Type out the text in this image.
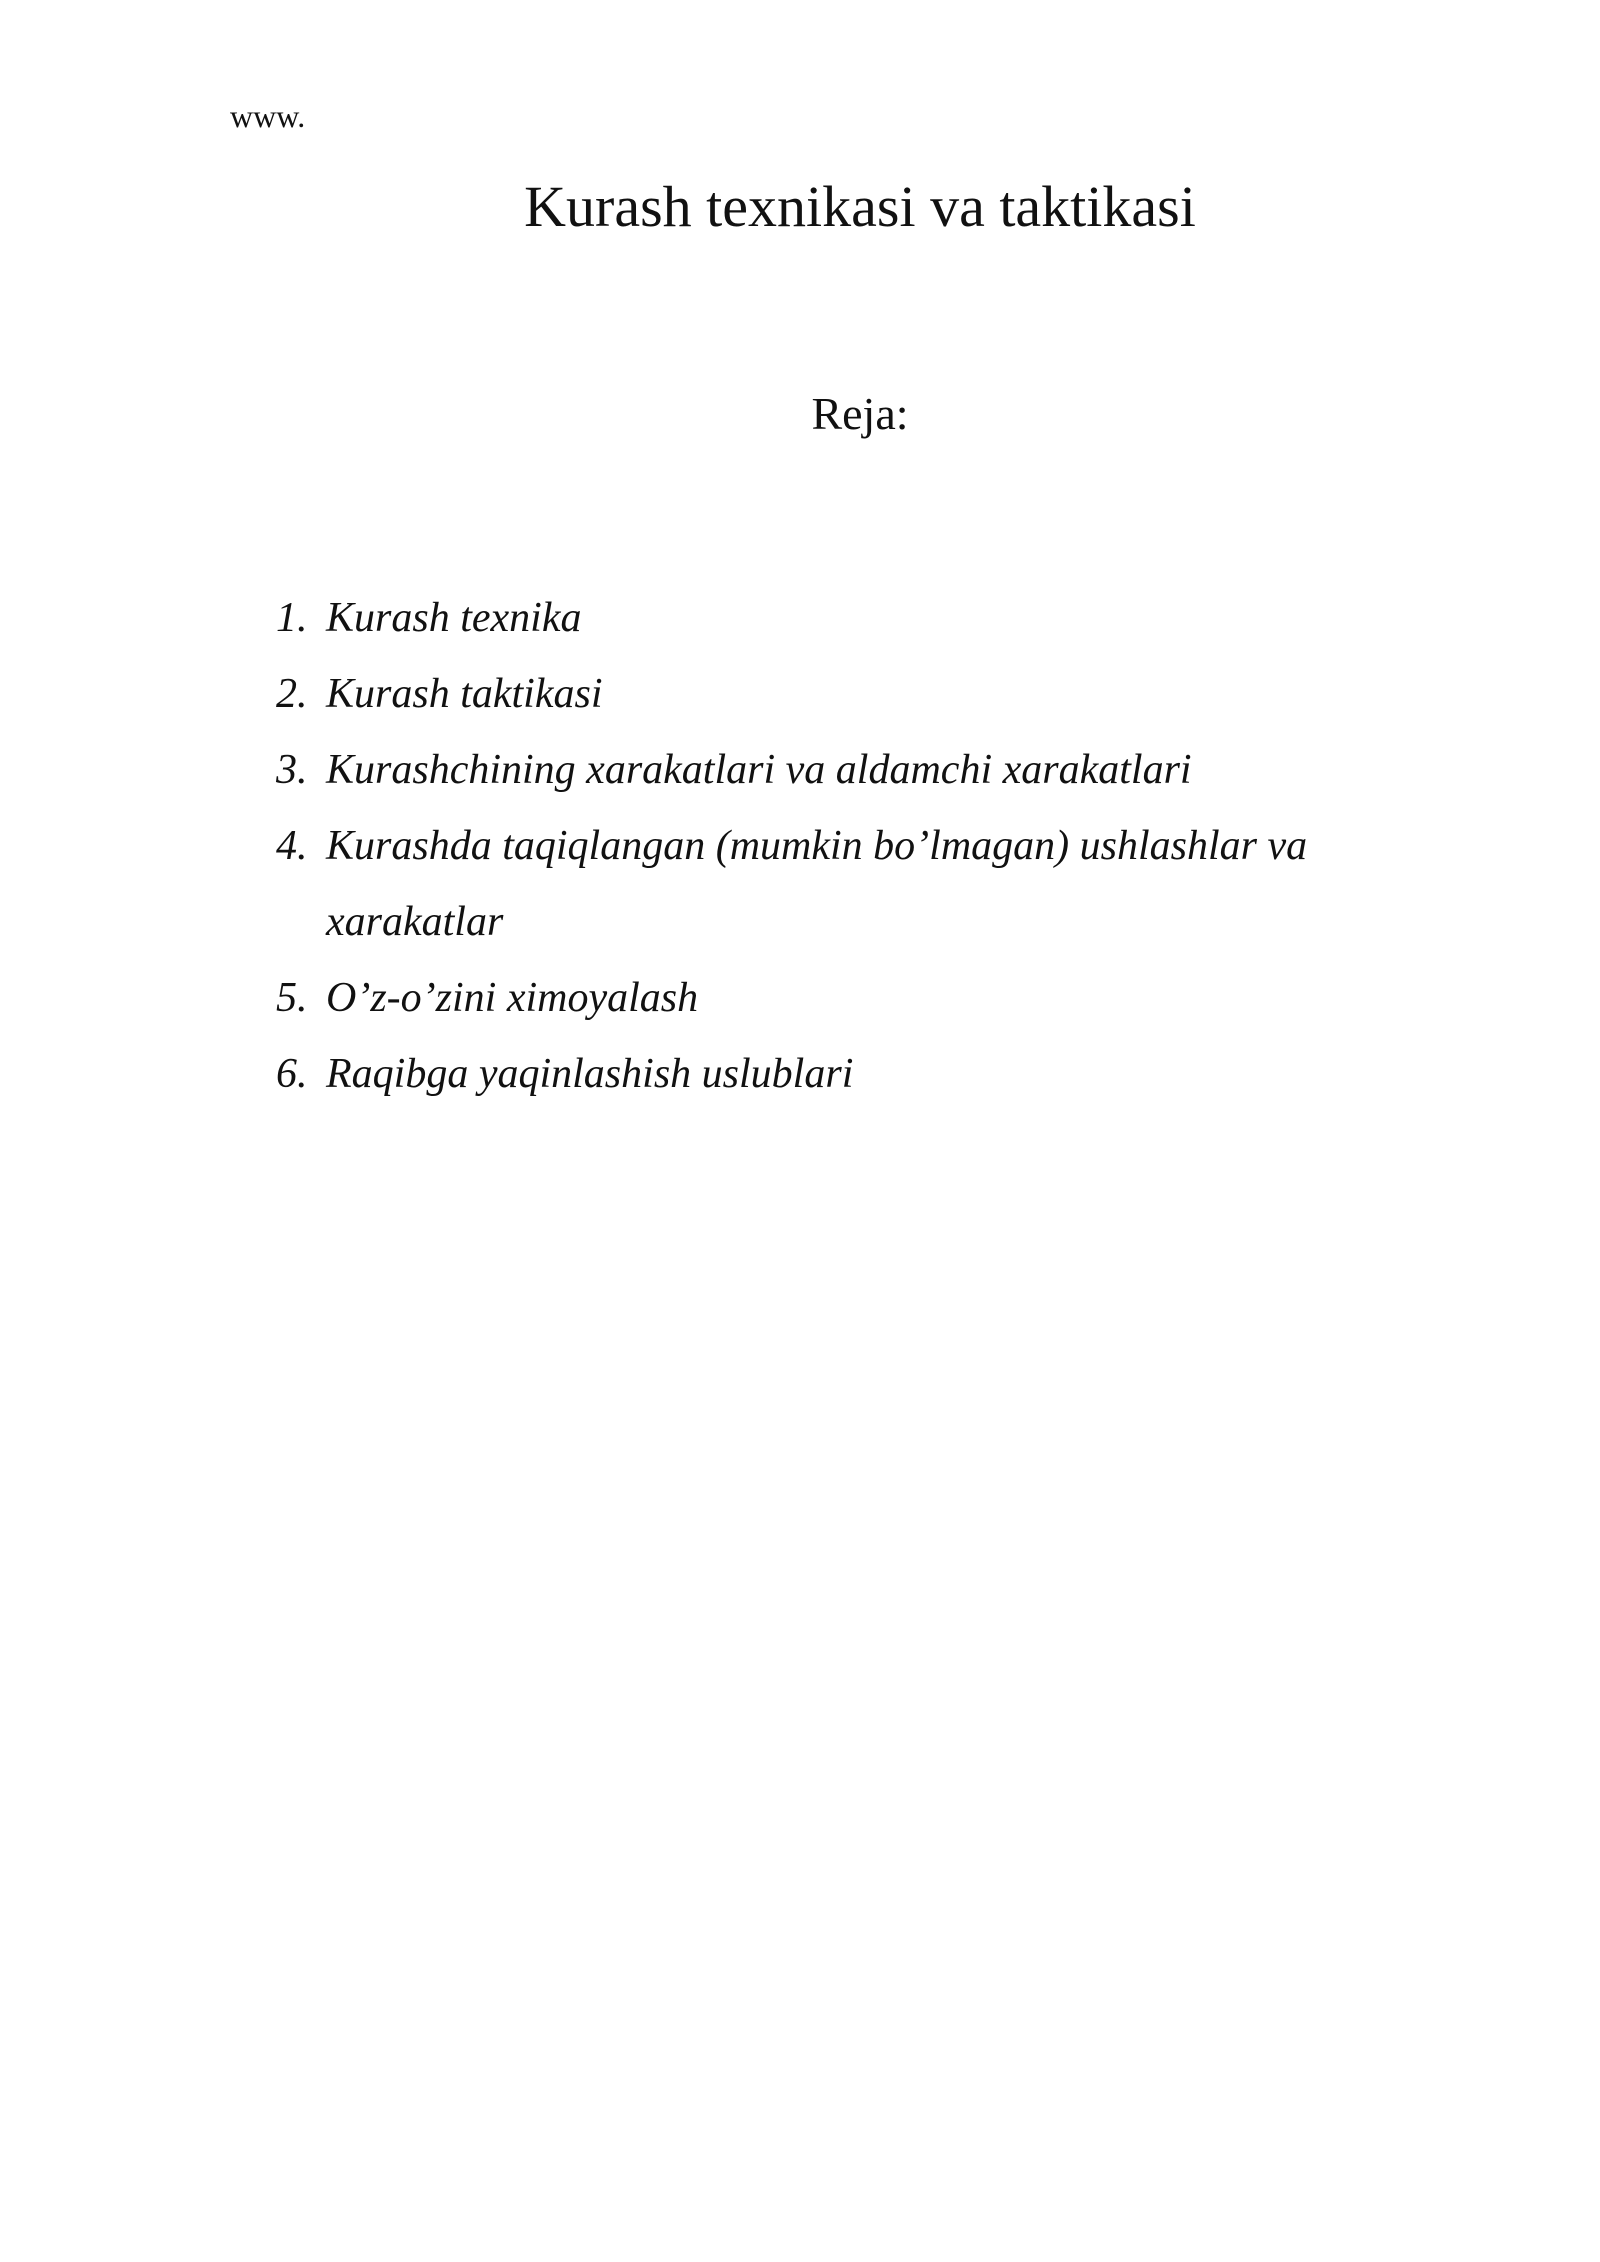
www.
Kurash texnikasi va taktikasi
Reja:
1. Kurash texnika
2. Kurash taktikasi
3. Kurashchining xarakatlari va aldamchi xarakatlari
4. Kurashda taqiqlangan (mumkin bo’lmagan) ushlashlar va xarakatlar
5. O’z-o’zini ximoyalash
6. Raqibga yaqinlashish uslublari
